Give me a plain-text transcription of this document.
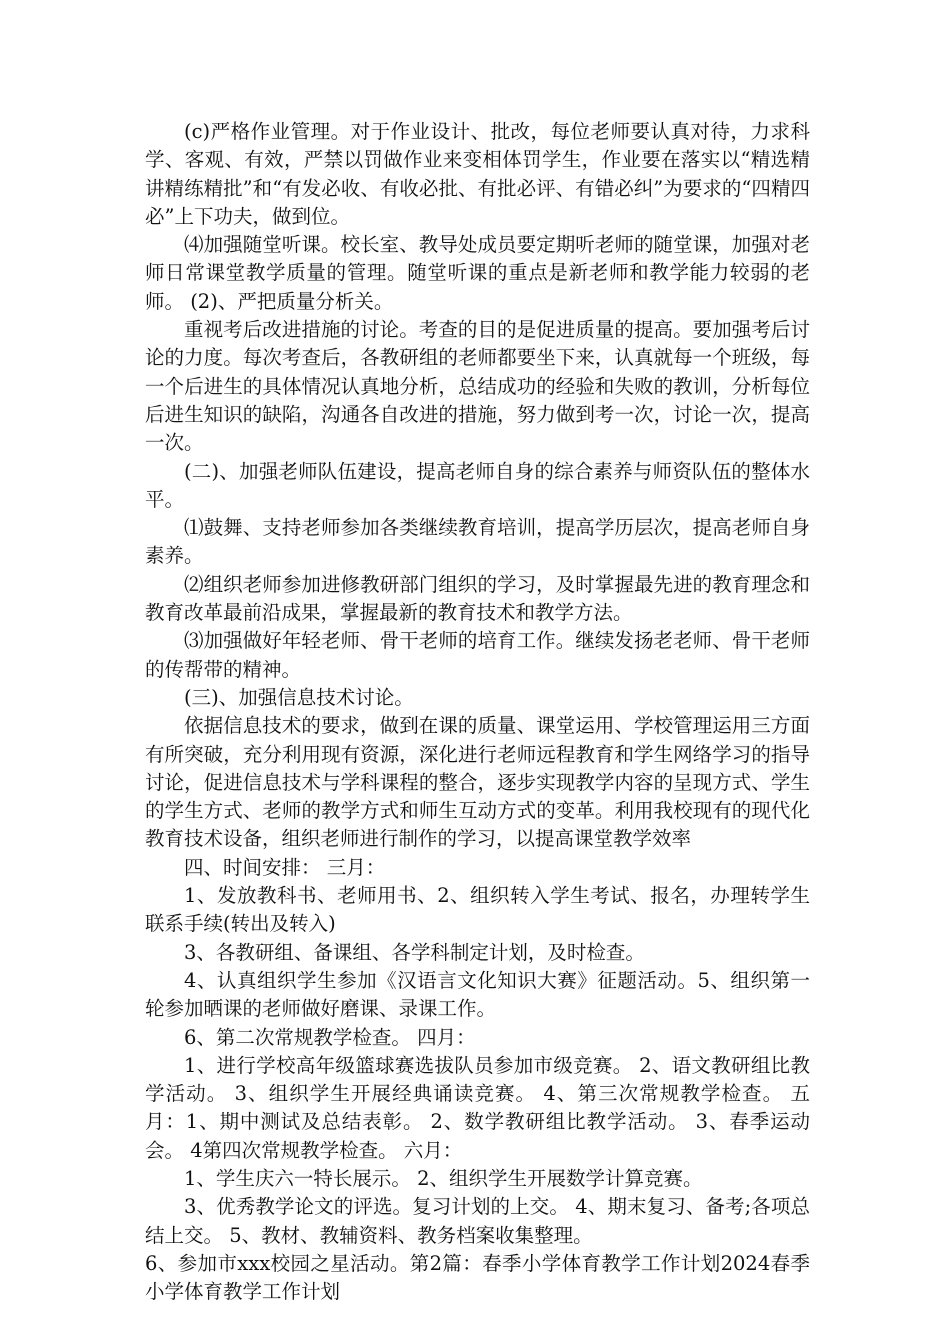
(c)严格作业管理。对于作业设计、批改，每位老师要认真对待，力求科学、客观、有效，严禁以罚做作业来变相体罚学生，作业要在落实以“精选精讲精练精批”和“有发必收、有收必批、有批必评、有错必纠”为要求的“四精四必”上下功夫，做到位。

⑷加强随堂听课。校长室、教导处成员要定期听老师的随堂课，加强对老师日常课堂教学质量的管理。随堂听课的重点是新老师和教学能力较弱的老师。 (2)、严把质量分析关。

重视考后改进措施的讨论。考查的目的是促进质量的提高。要加强考后讨论的力度。每次考查后，各教研组的老师都要坐下来，认真就每一个班级，每一个后进生的具体情况认真地分析，总结成功的经验和失败的教训，分析每位后进生知识的缺陷，沟通各自改进的措施，努力做到考一次，讨论一次，提高一次。

(二)、加强老师队伍建设，提高老师自身的综合素养与师资队伍的整体水平。

⑴鼓舞、支持老师参加各类继续教育培训，提高学历层次，提高老师自身素养。

⑵组织老师参加进修教研部门组织的学习，及时掌握最先进的教育理念和教育改革最前沿成果，掌握最新的教育技术和教学方法。

⑶加强做好年轻老师、骨干老师的培育工作。继续发扬老老师、骨干老师的传帮带的精神。

(三)、加强信息技术讨论。

依据信息技术的要求，做到在课的质量、课堂运用、学校管理运用三方面有所突破，充分利用现有资源，深化进行老师远程教育和学生网络学习的指导讨论，促进信息技术与学科课程的整合，逐步实现教学内容的呈现方式、学生的学生方式、老师的教学方式和师生互动方式的变革。利用我校现有的现代化教育技术设备，组织老师进行制作的学习，以提高课堂教学效率

四、时间安排： 三月：

1、发放教科书、老师用书、2、组织转入学生考试、报名，办理转学生联系手续(转出及转入)

3、各教研组、备课组、各学科制定计划，及时检查。

4、认真组织学生参加《汉语言文化知识大赛》征题活动。5、组织第一轮参加晒课的老师做好磨课、录课工作。

6、第二次常规教学检查。 四月：

1、进行学校高年级篮球赛选拔队员参加市级竞赛。 2、语文教研组比教学活动。 3、组织学生开展经典诵读竞赛。 4、第三次常规教学检查。 五月：1、期中测试及总结表彰。 2、数学教研组比教学活动。 3、春季运动会。 4第四次常规教学检查。 六月：

1、学生庆六一特长展示。 2、组织学生开展数学计算竞赛。

3、优秀教学论文的评选。复习计划的上交。 4、期末复习、备考;各项总结上交。 5、教材、教辅资料、教务档案收集整理。

6、参加市xxx校园之星活动。第2篇：春季小学体育教学工作计划2024春季小学体育教学工作计划
